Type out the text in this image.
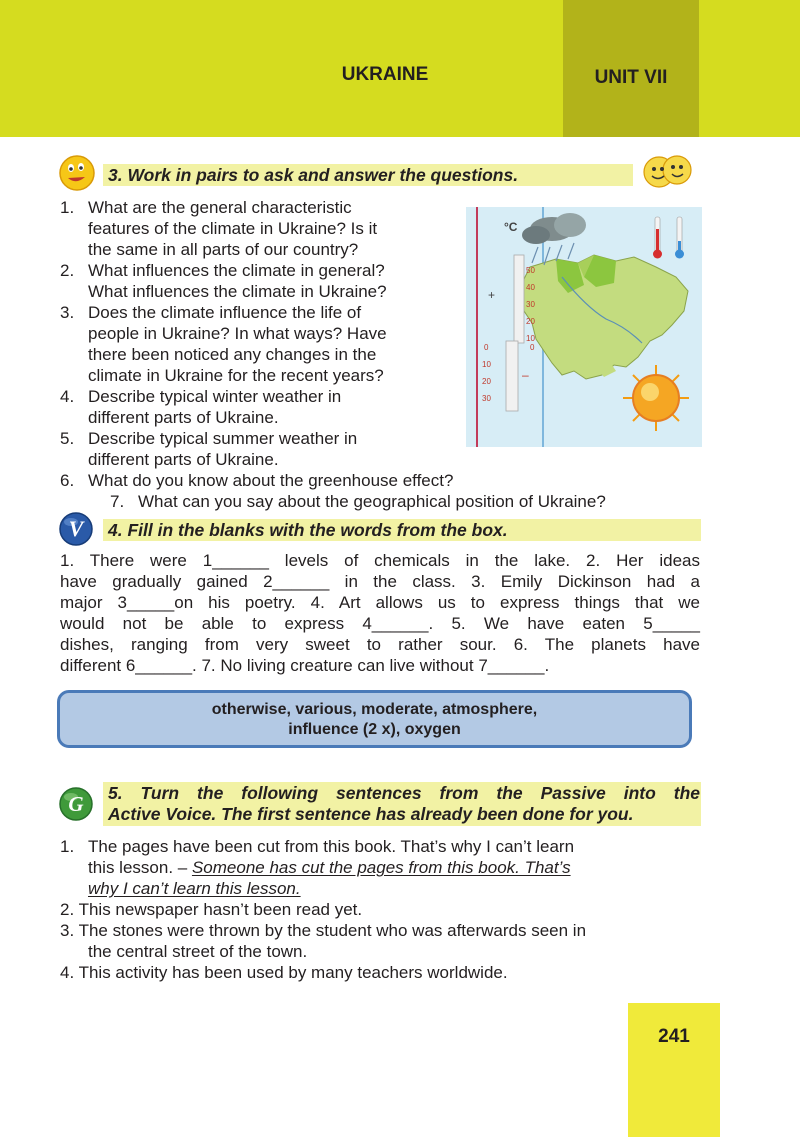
UKRAINE	UNIT VII
3. Work in pairs to ask and answer the questions.
1. What are the general characteristic
features of the climate in Ukraine? Is it
the same in all parts of our country?
2. What influences the climate in general?
What influences the climate in Ukraine?
3. Does the climate influence the life of
people in Ukraine? In what ways? Have
there been noticed any changes in the
climate in Ukraine for the recent years?
4. Describe typical winter weather in
different parts of Ukraine.
5. Describe typical summer weather in
different parts of Ukraine.
6. What do you know about the greenhouse effect?
7. What can you say about the geographical position of Ukraine?
°C
+
–
50
40
30
20
10
0
0
10
20
30
V 4. Fill in the blanks with the words from the box.
1. There were 1______ levels of chemicals in the lake. 2. Her ideas
have gradually gained 2______ in the class. 3. Emily Dickinson had a
major 3_____on his poetry. 4. Art allows us to express things that we
would not be able to express 4______. 5. We have eaten 5_____
dishes, ranging from very sweet to rather sour. 6. The planets have
different 6______. 7. No living creature can live without 7______.
otherwise, various, moderate, atmosphere,
influence (2 x), oxygen
G 5. Turn the following sentences from the Passive into the
Active Voice. The first sentence has already been done for you.
1. The pages have been cut from this book. That’s why I can’t learn
this lesson. – Someone has cut the pages from this book. That’s
why I can’t learn this lesson.
2. This newspaper hasn’t been read yet.
3. The stones were thrown by the student who was afterwards seen in
the central street of the town.
4. This activity has been used by many teachers worldwide.
241
